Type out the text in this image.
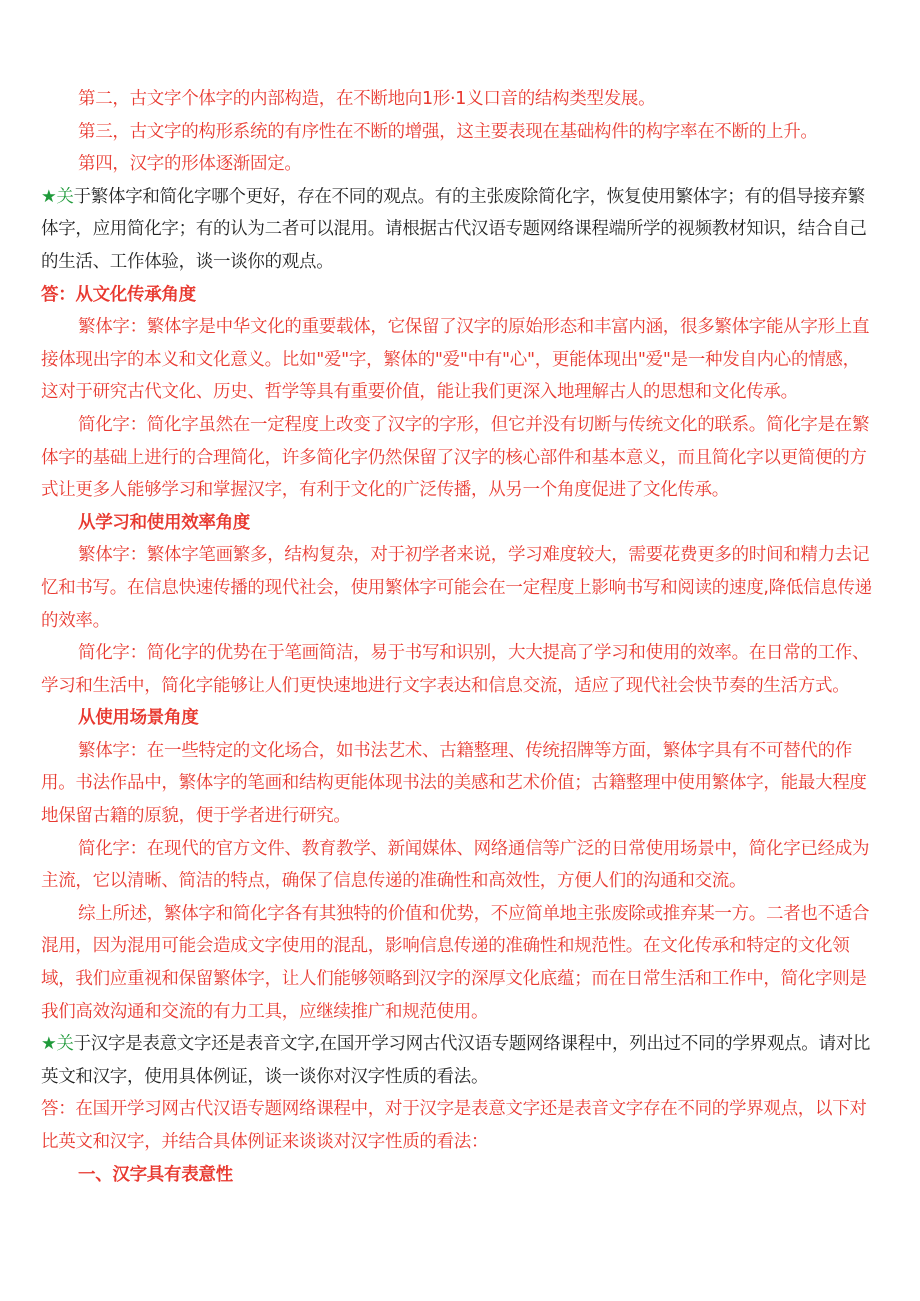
第二，古文字个体字的内部构造，在不断地向1形·1义口音的结构类型发展。

第三，古文字的构形系统的有序性在不断的增强，这主要表现在基础构件的构字率在不断的上升。

第四，汉字的形体逐渐固定。

★关于繁体字和简化字哪个更好，存在不同的观点。有的主张废除简化字，恢复使用繁体字；有的倡导接弃繁体字，应用简化字；有的认为二者可以混用。请根据古代汉语专题网络课程端所学的视频教材知识，结合自己的生活、工作体验，谈一谈你的观点。

答：从文化传承角度

繁体字：繁体字是中华文化的重要载体，它保留了汉字的原始形态和丰富内涵，很多繁体字能从字形上直接体现出字的本义和文化意义。比如"爱"字，繁体的"爱"中有"心"，更能体现出"爱"是一种发自内心的情感，这对于研究古代文化、历史、哲学等具有重要价值，能让我们更深入地理解古人的思想和文化传承。

简化字：简化字虽然在一定程度上改变了汉字的字形，但它并没有切断与传统文化的联系。简化字是在繁体字的基础上进行的合理简化，许多简化字仍然保留了汉字的核心部件和基本意义，而且简化字以更简便的方式让更多人能够学习和掌握汉字，有利于文化的广泛传播，从另一个角度促进了文化传承。

从学习和使用效率角度

繁体字：繁体字笔画繁多，结构复杂，对于初学者来说，学习难度较大，需要花费更多的时间和精力去记忆和书写。在信息快速传播的现代社会，使用繁体字可能会在一定程度上影响书写和阅读的速度,降低信息传递的效率。

简化字：简化字的优势在于笔画简洁，易于书写和识别，大大提高了学习和使用的效率。在日常的工作、学习和生活中，简化字能够让人们更快速地进行文字表达和信息交流，适应了现代社会快节奏的生活方式。

从使用场景角度

繁体字：在一些特定的文化场合，如书法艺术、古籍整理、传统招牌等方面，繁体字具有不可替代的作用。书法作品中，繁体字的笔画和结构更能体现书法的美感和艺术价值；古籍整理中使用繁体字，能最大程度地保留古籍的原貌，便于学者进行研究。

简化字：在现代的官方文件、教育教学、新闻媒体、网络通信等广泛的日常使用场景中，简化字已经成为主流，它以清晰、简洁的特点，确保了信息传递的准确性和高效性，方便人们的沟通和交流。

综上所述，繁体字和简化字各有其独特的价值和优势，不应简单地主张废除或推弃某一方。二者也不适合混用，因为混用可能会造成文字使用的混乱，影响信息传递的准确性和规范性。在文化传承和特定的文化领域，我们应重视和保留繁体字，让人们能够领略到汉字的深厚文化底蕴；而在日常生活和工作中，简化字则是我们高效沟通和交流的有力工具，应继续推广和规范使用。

★关于汉字是表意文字还是表音文字,在国开学习网古代汉语专题网络课程中，列出过不同的学界观点。请对比英文和汉字，使用具体例证，谈一谈你对汉字性质的看法。

答：在国开学习网古代汉语专题网络课程中，对于汉字是表意文字还是表音文字存在不同的学界观点，以下对比英文和汉字，并结合具体例证来谈谈对汉字性质的看法：

一、汉字具有表意性
